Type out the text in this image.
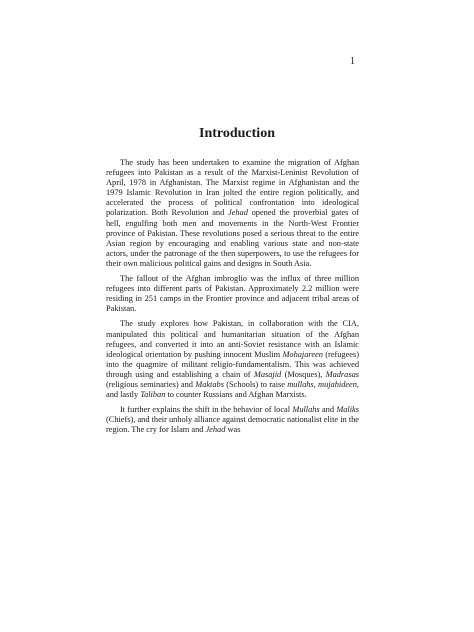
1
Introduction

The study has been undertaken to examine the migration of Afghan refugees into Pakistan as a result of the Marxist-Leninist Revolution of April, 1978 in Afghanistan. The Marxist regime in Afghanistan and the 1979 Islamic Revolution in Iran jolted the entire region politically, and accelerated the process of political confrontation into ideological polarization. Both Revolution and Jehad opened the proverbial gates of hell, engulfing both men and movements in the North-West Frontier province of Pakistan. These revolutions posed a serious threat to the entire Asian region by encouraging and enabling various state and non-state actors, under the patronage of the then superpowers, to use the refugees for their own malicious political gains and designs in South Asia.

The fallout of the Afghan imbroglio was the influx of three million refugees into different parts of Pakistan. Approximately 2.2 million were residing in 251 camps in the Frontier province and adjacent tribal areas of Pakistan.

The study explores how Pakistan, in collaboration with the CIA, manipulated this political and humanitarian situation of the Afghan refugees, and converted it into an anti-Soviet resistance with an Islamic ideological orientation by pushing innocent Muslim Mohajareen (refugees) into the quagmire of militant religio-fundamentalism. This was achieved through using and establishing a chain of Masajid (Mosques), Madrasas (religious seminaries) and Maktabs (Schools) to raise mullahs, mujahideen, and lastly Taliban to counter Russians and Afghan Marxists.

It further explains the shift in the behavior of local Mullahs and Maliks (Chiefs), and their unholy alliance against democratic nationalist elite in the region. The cry for Islam and Jehad was
